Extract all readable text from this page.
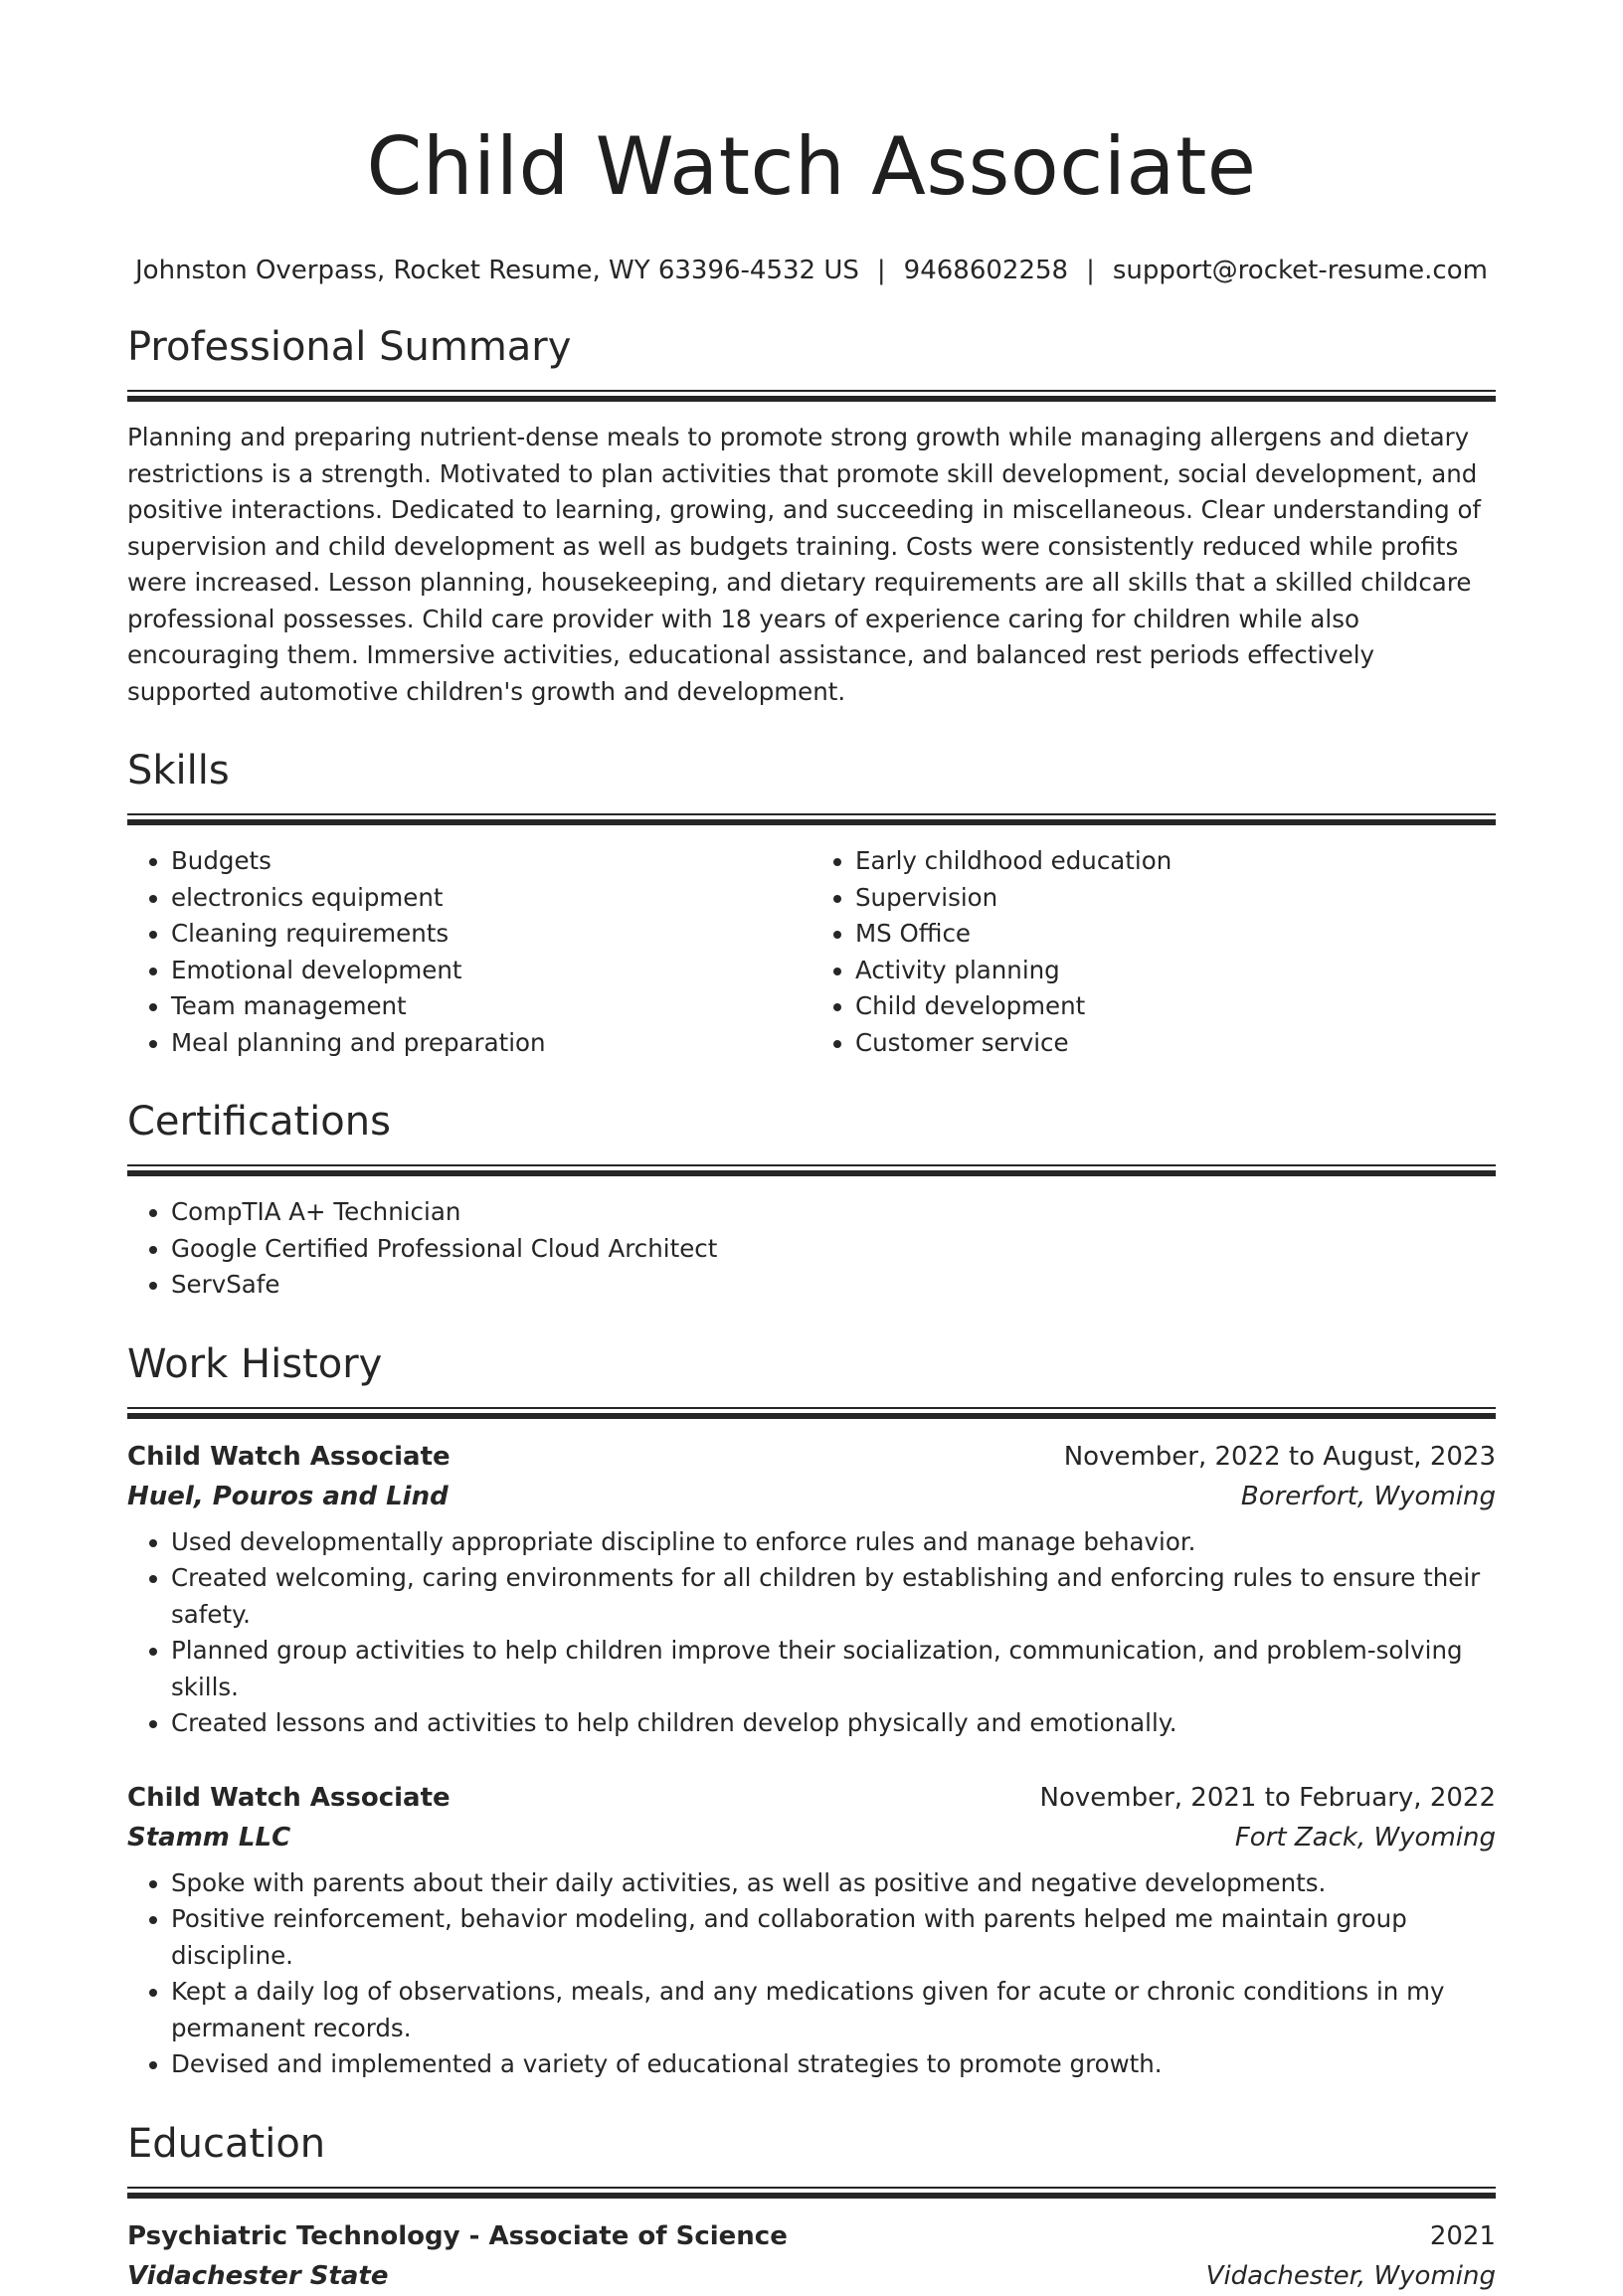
Child Watch Associate
Johnston Overpass, Rocket Resume, WY 63396-4532 US | 9468602258 | support@rocket-resume.com
Professional Summary

Planning and preparing nutrient-dense meals to promote strong growth while managing allergens and dietary restrictions is a strength. Motivated to plan activities that promote skill development, social development, and positive interactions. Dedicated to learning, growing, and succeeding in miscellaneous. Clear understanding of supervision and child development as well as budgets training. Costs were consistently reduced while profits were increased. Lesson planning, housekeeping, and dietary requirements are all skills that a skilled childcare professional possesses. Child care provider with 18 years of experience caring for children while also encouraging them. Immersive activities, educational assistance, and balanced rest periods effectively supported automotive children's growth and development.

Skills
• Budgets
• electronics equipment
• Cleaning requirements
• Emotional development
• Team management
• Meal planning and preparation
• Early childhood education
• Supervision
• MS Office
• Activity planning
• Child development
• Customer service
Certifications
• CompTIA A+ Technician
• Google Certified Professional Cloud Architect
• ServSafe
Work History
Child Watch Associate	November, 2022 to August, 2023
Huel, Pouros and Lind	Borerfort, Wyoming
• Used developmentally appropriate discipline to enforce rules and manage behavior.
• Created welcoming, caring environments for all children by establishing and enforcing rules to ensure their safety.
• Planned group activities to help children improve their socialization, communication, and problem-solving skills.
• Created lessons and activities to help children develop physically and emotionally.
Child Watch Associate	November, 2021 to February, 2022
Stamm LLC	Fort Zack, Wyoming
• Spoke with parents about their daily activities, as well as positive and negative developments.
• Positive reinforcement, behavior modeling, and collaboration with parents helped me maintain group discipline.
• Kept a daily log of observations, meals, and any medications given for acute or chronic conditions in my permanent records.
• Devised and implemented a variety of educational strategies to promote growth.
Education
Psychiatric Technology - Associate of Science	2021
Vidachester State	Vidachester, Wyoming
